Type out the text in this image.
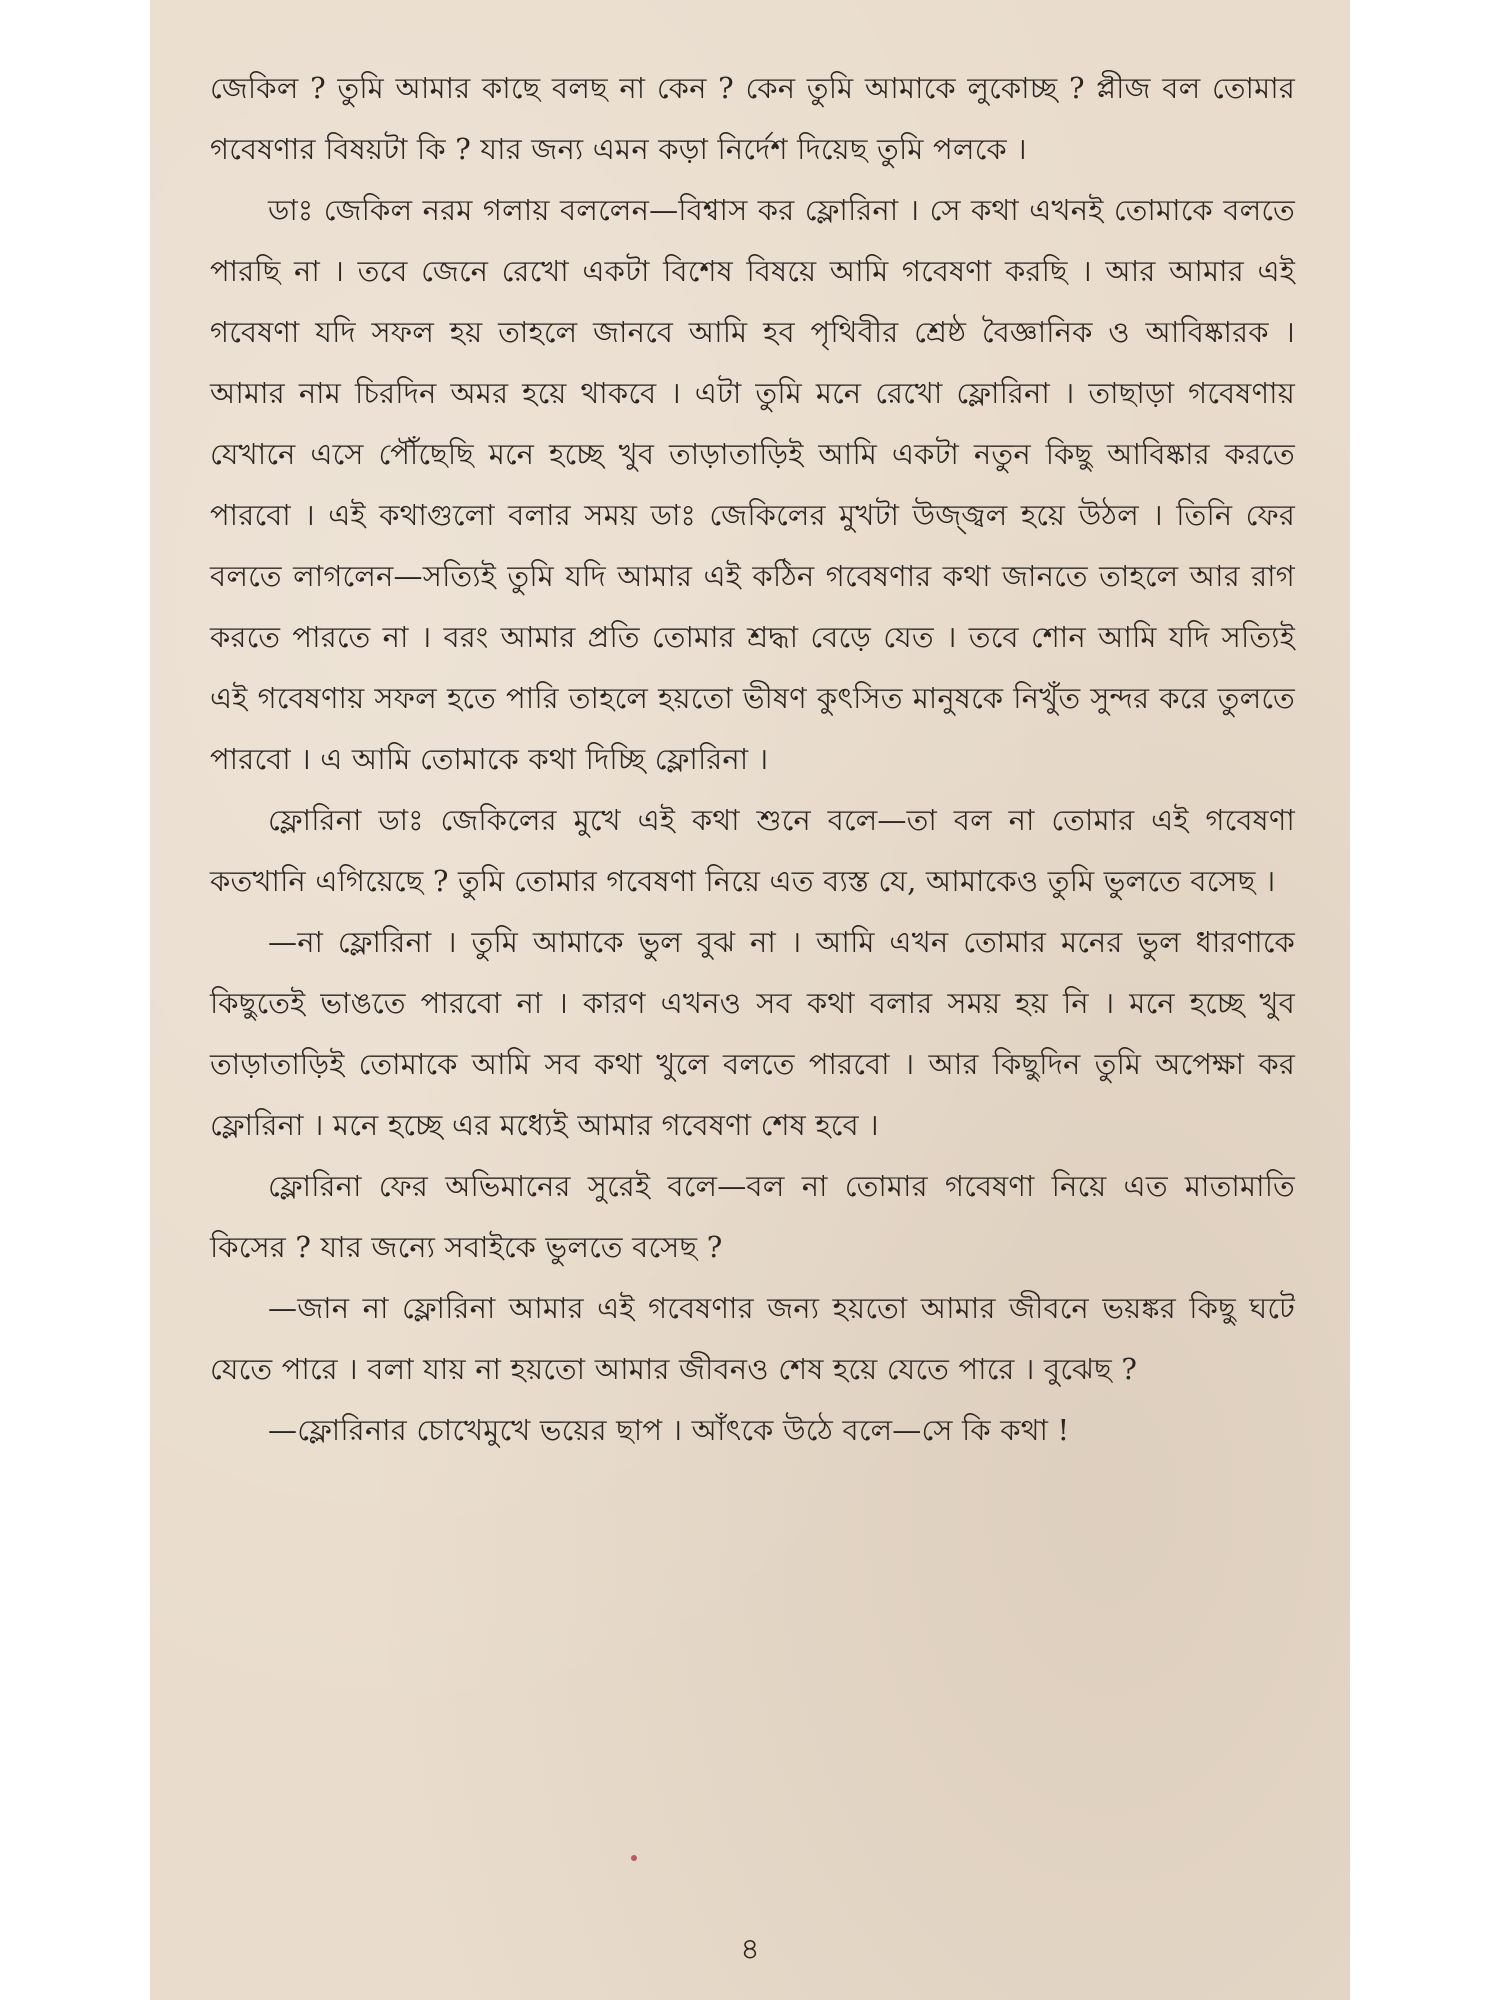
জেকিল ? তুমি আমার কাছে বলছ না কেন ? কেন তুমি আমাকে লুকোচ্ছ ? প্লীজ বল তোমার গবেষণার বিষয়টা কি ? যার জন্য এমন কড়া নির্দেশ দিয়েছ তুমি পলকে ।

ডাঃ জেকিল নরম গলায় বললেন—বিশ্বাস কর ফ্লোরিনা । সে কথা এখনই তোমাকে বলতে পারছি না । তবে জেনে রেখো একটা বিশেষ বিষয়ে আমি গবেষণা করছি । আর আমার এই গবেষণা যদি সফল হয় তাহলে জানবে আমি হব পৃথিবীর শ্রেষ্ঠ বৈজ্ঞানিক ও আবিষ্কারক । আমার নাম চিরদিন অমর হয়ে থাকবে । এটা তুমি মনে রেখো ফ্লোরিনা । তাছাড়া গবেষণায় যেখানে এসে পৌঁছেছি মনে হচ্ছে খুব তাড়াতাড়িই আমি একটা নতুন কিছু আবিষ্কার করতে পারবো । এই কথাগুলো বলার সময় ডাঃ জেকিলের মুখটা উজ্জ্বল হয়ে উঠল । তিনি ফের বলতে লাগলেন—সত্যিই তুমি যদি আমার এই কঠিন গবেষণার কথা জানতে তাহলে আর রাগ করতে পারতে না । বরং আমার প্রতি তোমার শ্রদ্ধা বেড়ে যেত । তবে শোন আমি যদি সত্যিই এই গবেষণায় সফল হতে পারি তাহলে হয়তো ভীষণ কুৎসিত মানুষকে নিখুঁত সুন্দর করে তুলতে পারবো । এ আমি তোমাকে কথা দিচ্ছি ফ্লোরিনা ।

ফ্লোরিনা ডাঃ জেকিলের মুখে এই কথা শুনে বলে—তা বল না তোমার এই গবেষণা কতখানি এগিয়েছে ? তুমি তোমার গবেষণা নিয়ে এত ব্যস্ত যে, আমাকেও তুমি ভুলতে বসেছ ।

—না ফ্লোরিনা । তুমি আমাকে ভুল বুঝ না । আমি এখন তোমার মনের ভুল ধারণাকে কিছুতেই ভাঙতে পারবো না । কারণ এখনও সব কথা বলার সময় হয় নি । মনে হচ্ছে খুব তাড়াতাড়িই তোমাকে আমি সব কথা খুলে বলতে পারবো । আর কিছুদিন তুমি অপেক্ষা কর ফ্লোরিনা । মনে হচ্ছে এর মধ্যেই আমার গবেষণা শেষ হবে ।

ফ্লোরিনা ফের অভিমানের সুরেই বলে—বল না তোমার গবেষণা নিয়ে এত মাতামাতি কিসের ? যার জন্যে সবাইকে ভুলতে বসেছ ?

—জান না ফ্লোরিনা আমার এই গবেষণার জন্য হয়তো আমার জীবনে ভয়ঙ্কর কিছু ঘটে যেতে পারে । বলা যায় না হয়তো আমার জীবনও শেষ হয়ে যেতে পারে । বুঝেছ ?

—ফ্লোরিনার চোখেমুখে ভয়ের ছাপ । আঁৎকে উঠে বলে—সে কি কথা !

৪
